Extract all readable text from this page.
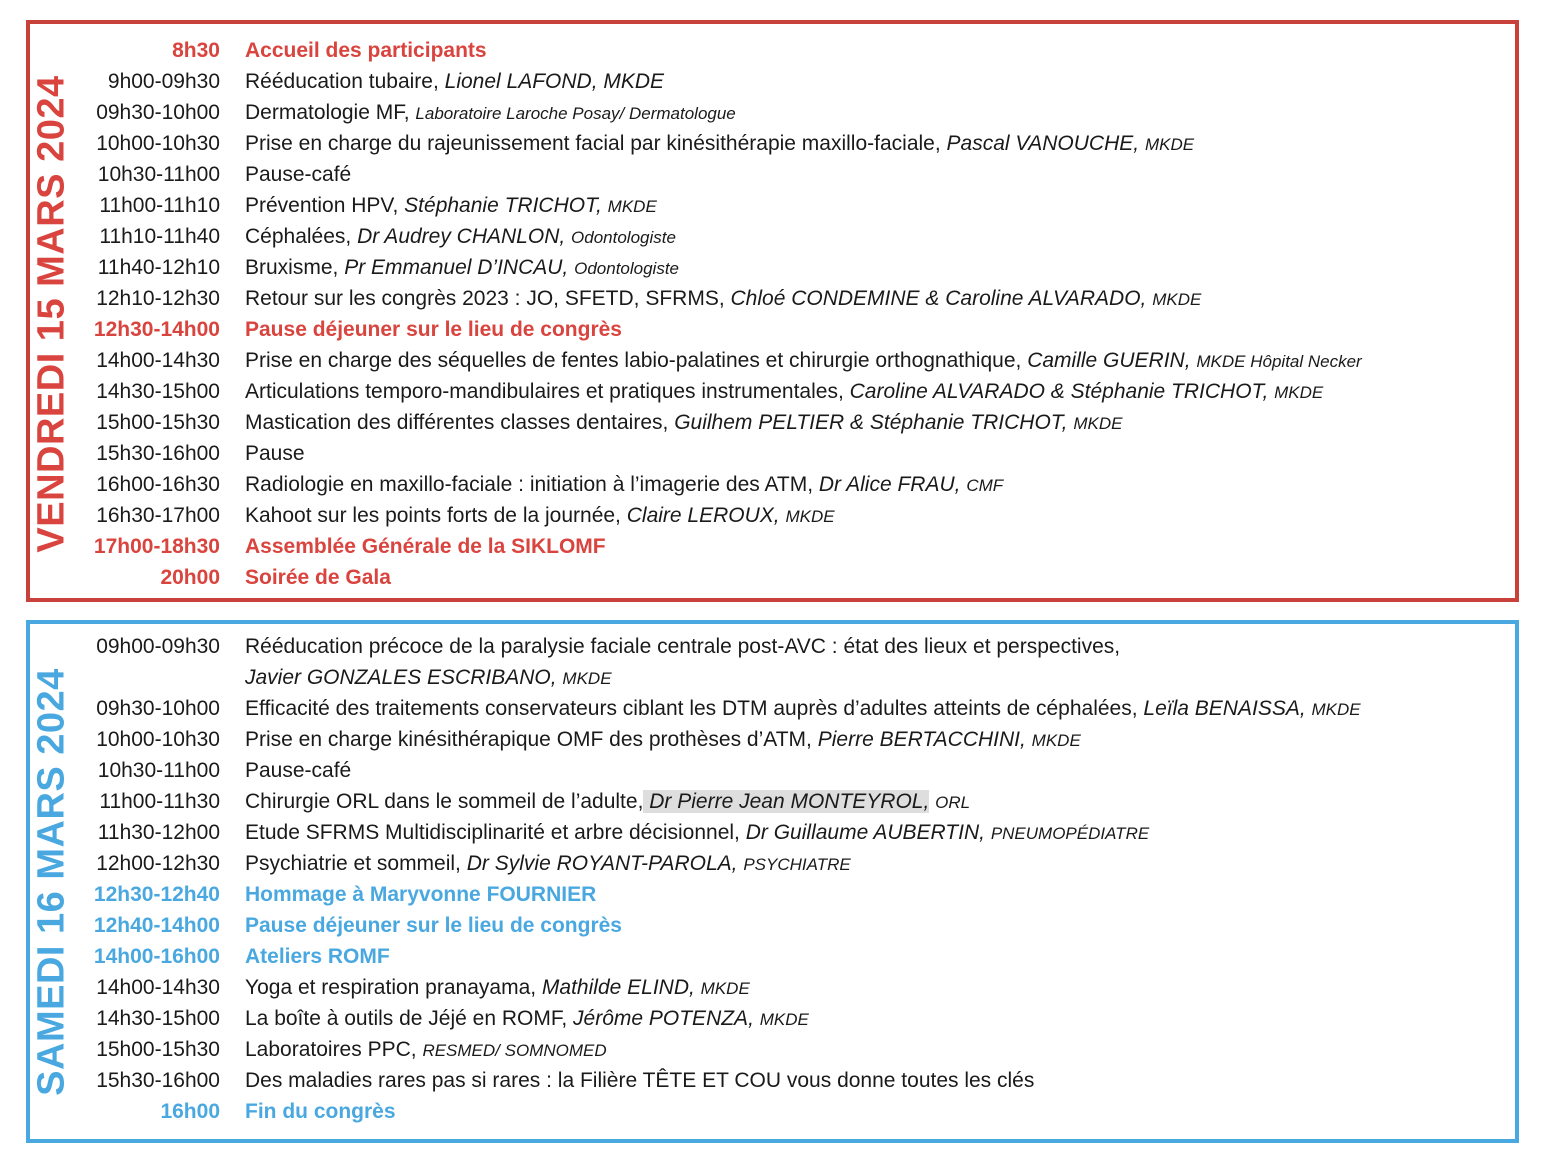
VENDREDI 15 MARS 2024
8h30 Accueil des participants
9h00-09h30 Rééducation tubaire, Lionel LAFOND, MKDE
09h30-10h00 Dermatologie MF, Laboratoire Laroche Posay/ Dermatologue
10h00-10h30 Prise en charge du rajeunissement facial par kinésithérapie maxillo-faciale, Pascal VANOUCHE, MKDE
10h30-11h00 Pause-café
11h00-11h10 Prévention HPV, Stéphanie TRICHOT, MKDE
11h10-11h40 Céphalées, Dr Audrey CHANLON, Odontologiste
11h40-12h10 Bruxisme, Pr Emmanuel D’INCAU, Odontologiste
12h10-12h30 Retour sur les congrès 2023 : JO, SFETD, SFRMS, Chloé CONDEMINE & Caroline ALVARADO, MKDE
12h30-14h00 Pause déjeuner sur le lieu de congrès
14h00-14h30 Prise en charge des séquelles de fentes labio-palatines et chirurgie orthognathique, Camille GUERIN, MKDE Hôpital Necker
14h30-15h00 Articulations temporo-mandibulaires et pratiques instrumentales, Caroline ALVARADO & Stéphanie TRICHOT, MKDE
15h00-15h30 Mastication des différentes classes dentaires, Guilhem PELTIER & Stéphanie TRICHOT, MKDE
15h30-16h00 Pause
16h00-16h30 Radiologie en maxillo-faciale : initiation à l’imagerie des ATM, Dr Alice FRAU, CMF
16h30-17h00 Kahoot sur les points forts de la journée, Claire LEROUX, MKDE
17h00-18h30 Assemblée Générale de la SIKLOMF
20h00 Soirée de Gala
SAMEDI 16 MARS 2024
09h00-09h30 Rééducation précoce de la paralysie faciale centrale post-AVC : état des lieux et perspectives,
Javier GONZALES ESCRIBANO, MKDE
09h30-10h00 Efficacité des traitements conservateurs ciblant les DTM auprès d’adultes atteints de céphalées, Leïla BENAISSA, MKDE
10h00-10h30 Prise en charge kinésithérapique OMF des prothèses d’ATM, Pierre BERTACCHINI, MKDE
10h30-11h00 Pause-café
11h00-11h30 Chirurgie ORL dans le sommeil de l’adulte, Dr Pierre Jean MONTEYROL, ORL
11h30-12h00 Etude SFRMS Multidisciplinarité et arbre décisionnel, Dr Guillaume AUBERTIN, PNEUMOPÉDIATRE
12h00-12h30 Psychiatrie et sommeil, Dr Sylvie ROYANT-PAROLA, PSYCHIATRE
12h30-12h40 Hommage à Maryvonne FOURNIER
12h40-14h00 Pause déjeuner sur le lieu de congrès
14h00-16h00 Ateliers ROMF
14h00-14h30 Yoga et respiration pranayama, Mathilde ELIND, MKDE
14h30-15h00 La boîte à outils de Jéjé en ROMF, Jérôme POTENZA, MKDE
15h00-15h30 Laboratoires PPC, RESMED/ SOMNOMED
15h30-16h00 Des maladies rares pas si rares : la Filière TÊTE ET COU vous donne toutes les clés
16h00 Fin du congrès
